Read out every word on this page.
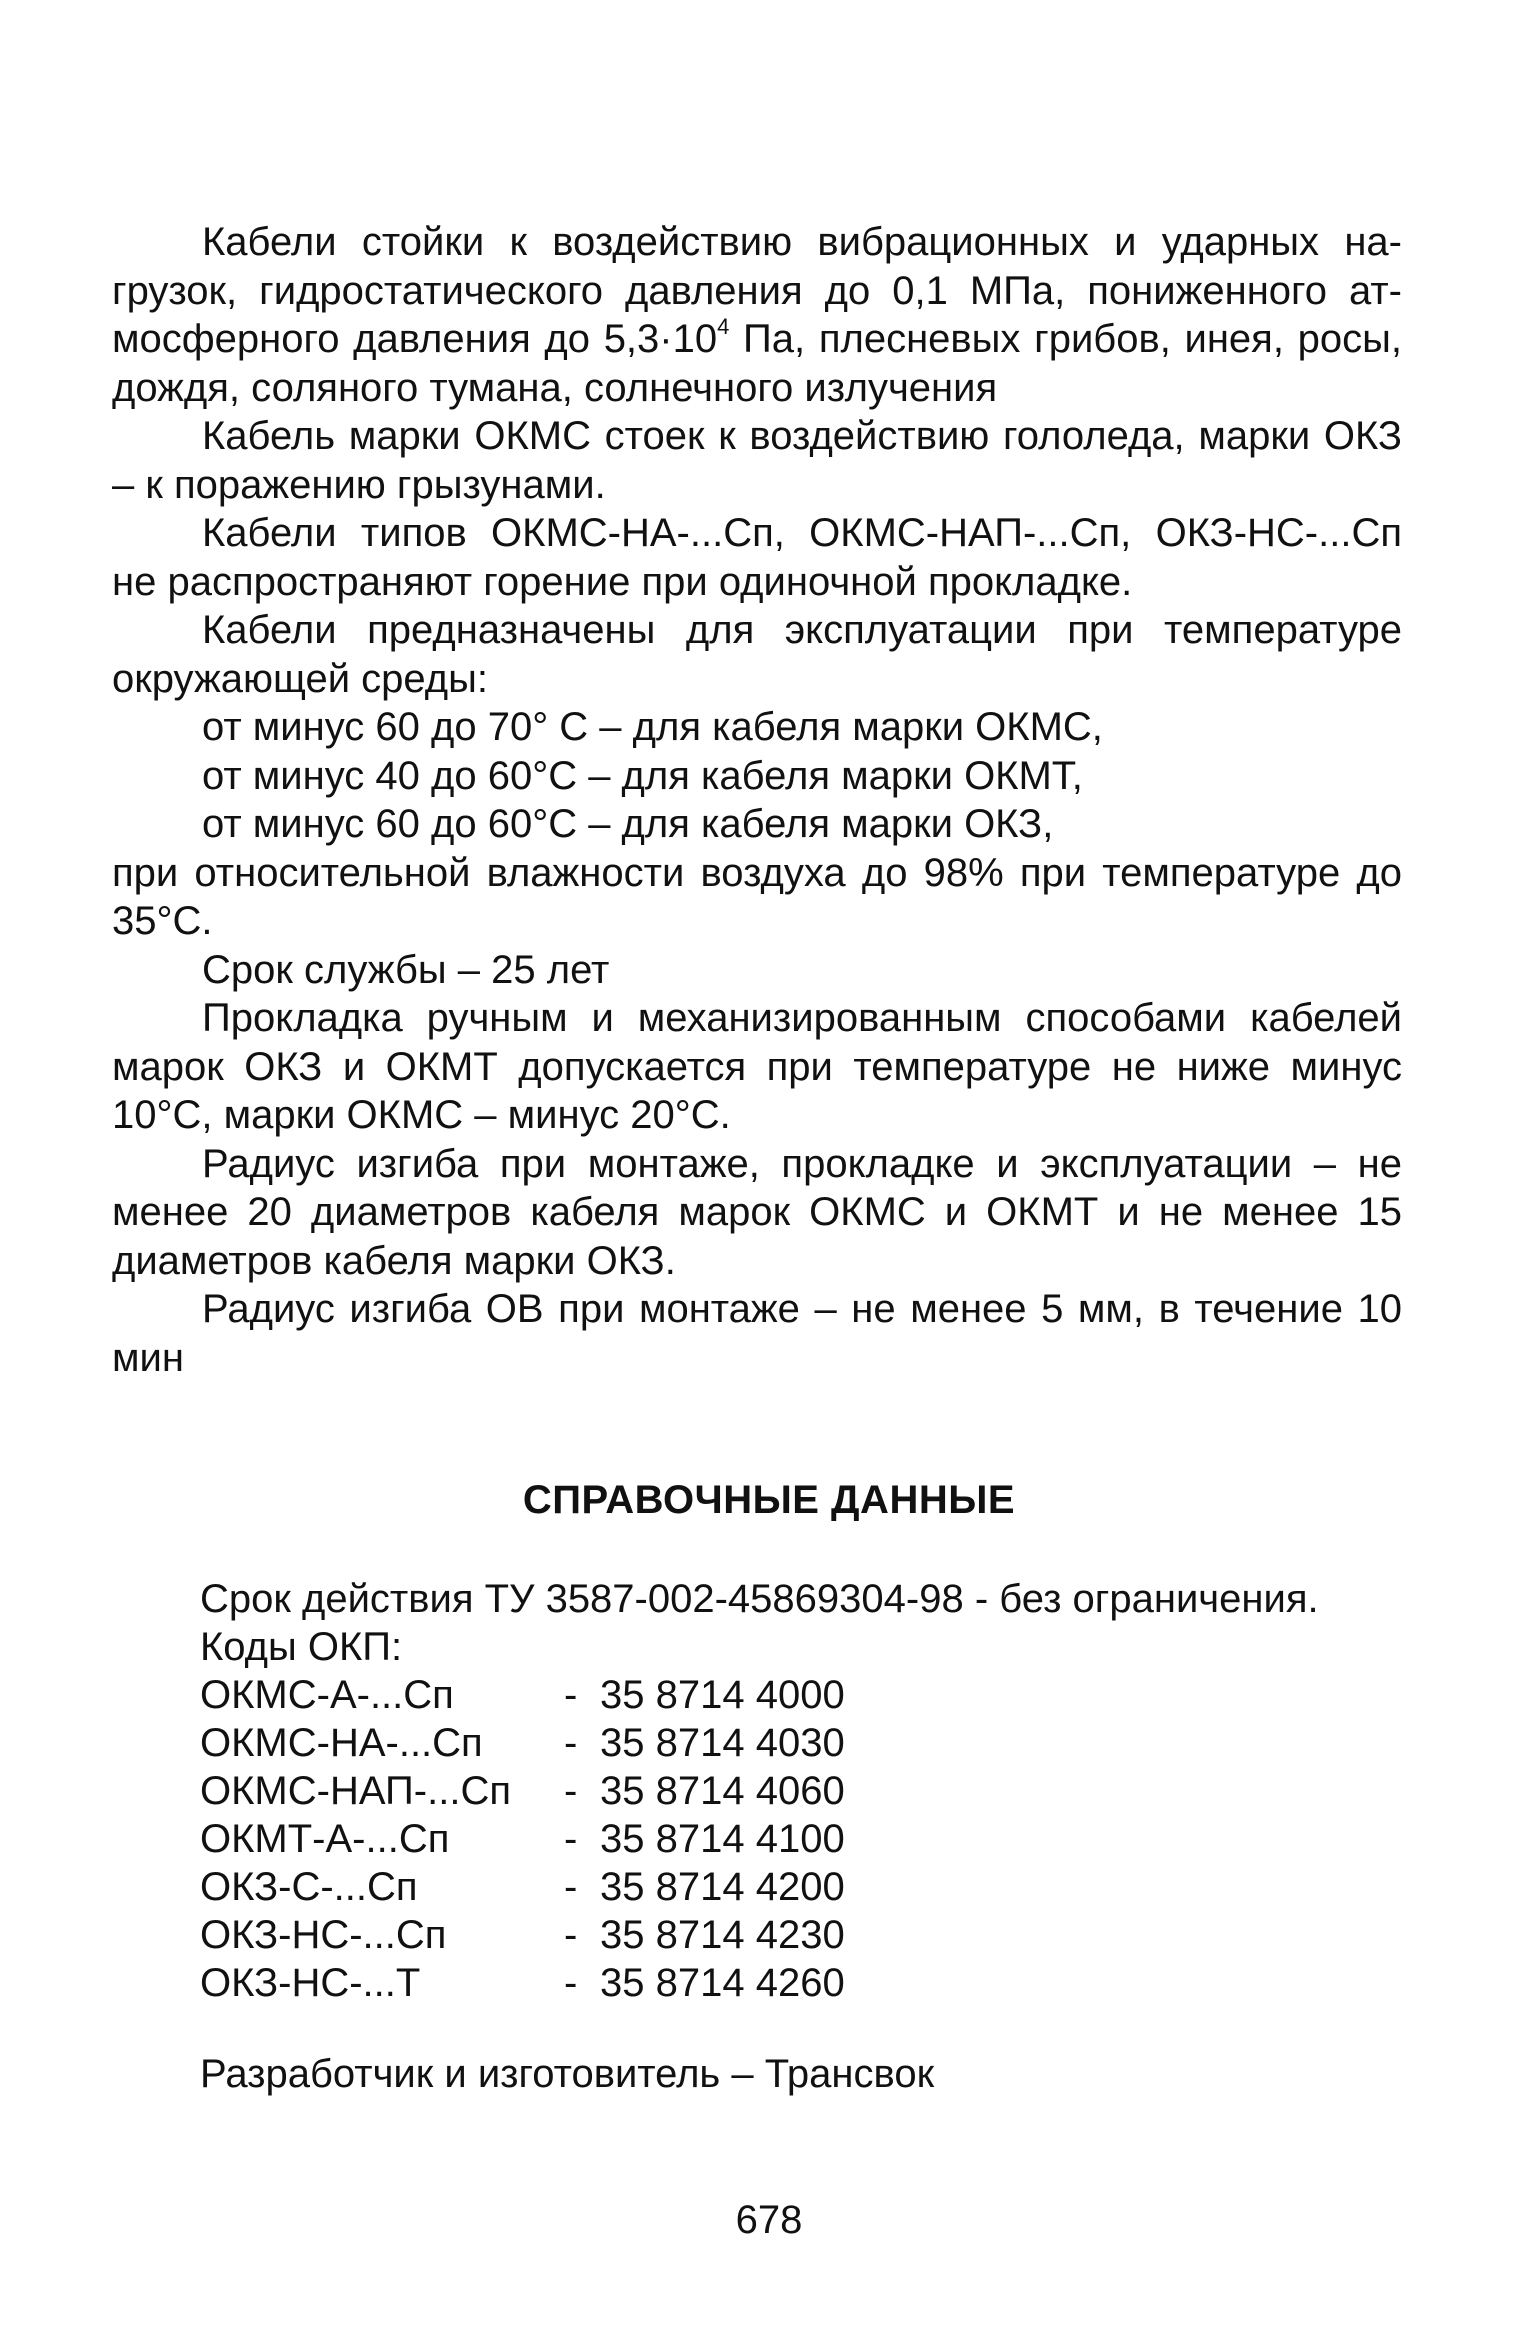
Кабели стойки к воздействию вибрационных и ударных на-грузок, гидростатического давления до 0,1 МПа, пониженного ат-мосферного давления до $5,3\cdot 10^4$ Па, плесневых грибов, инея, росы, дождя, соляного тумана, солнечного излучения

Кабель марки ОКМС стоек к воздействию гололеда, марки ОКЗ – к поражению грызунами.

Кабели типов ОКМС-НА-...Сп, ОКМС-НАП-...Сп, ОКЗ-НС-...Сп не распространяют горение при одиночной прокладке.

Кабели предназначены для эксплуатации при температуре окружающей среды:

от минус 60 до 70° С – для кабеля марки ОКМС,

от минус 40 до 60°С – для кабеля марки ОКМТ,

от минус 60 до 60°С – для кабеля марки ОКЗ,

при относительной влажности воздуха до 98% при температуре до 35°С.

Срок службы – 25 лет

Прокладка ручным и механизированным способами кабелей марок ОКЗ и ОКМТ допускается при температуре не ниже минус 10°С, марки ОКМС – минус 20°С.

Радиус изгиба при монтаже, прокладке и эксплуатации – не менее 20 диаметров кабеля марок ОКМС и ОКМТ и не менее 15 диаметров кабеля марки ОКЗ.

Радиус изгиба ОВ при монтаже – не менее 5 мм, в течение 10 мин

СПРАВОЧНЫЕ ДАННЫЕ
Срок действия ТУ 3587-002-45869304-98 - без ограничения.
Коды ОКП:
ОКМС-А-...Сп	- 35 8714 4000
ОКМС-НА-...Сп	- 35 8714 4030
ОКМС-НАП-...Сп	- 35 8714 4060
ОКМТ-А-...Сп	- 35 8714 4100
ОКЗ-С-...Сп	- 35 8714 4200
ОКЗ-НС-...Сп	- 35 8714 4230
ОКЗ-НС-...Т	- 35 8714 4260
Разработчик и изготовитель – Трансвок
678
